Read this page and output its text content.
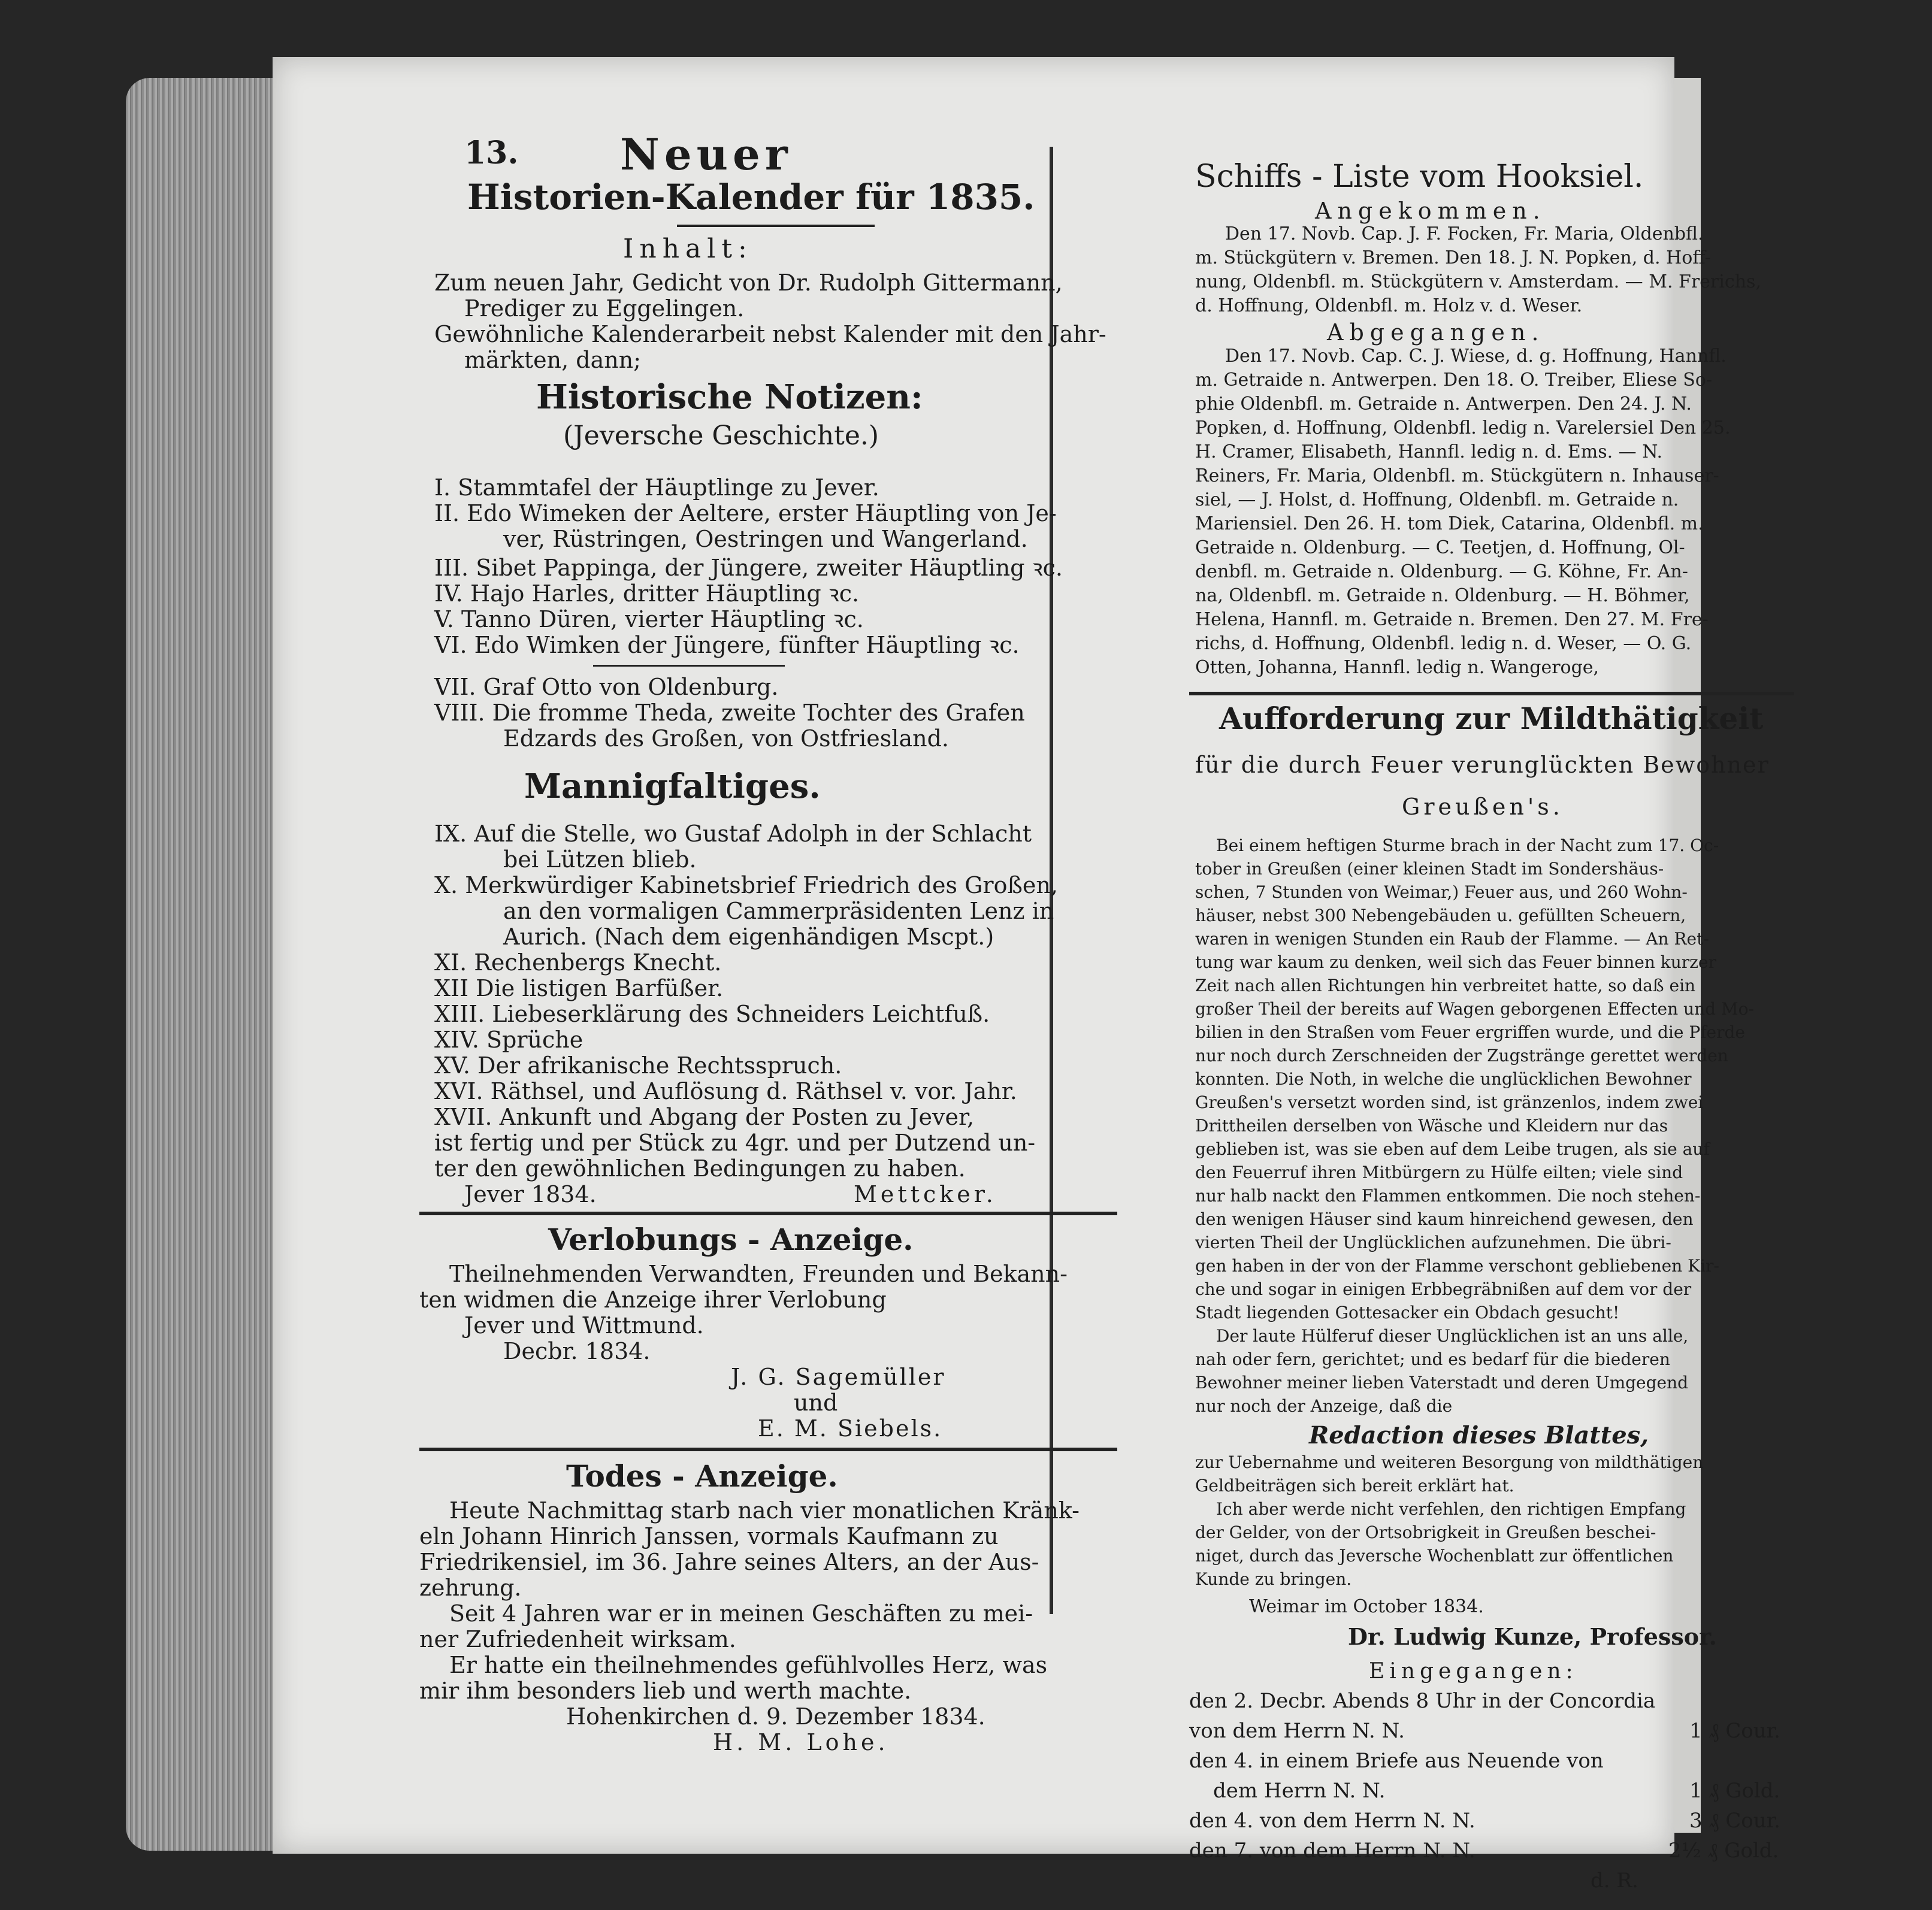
13. Neuer
Historien-Kalender für 1835.
Inhalt:
Zum neuen Jahr, Gedicht von Dr. Rudolph Gittermann,
Prediger zu Eggelingen.
Gewöhnliche Kalenderarbeit nebst Kalender mit den Jahr-
märkten, dann;
Historische Notizen:
(Jeversche Geschichte.)
I. Stammtafel der Häuptlinge zu Jever.
II. Edo Wimeken der Aeltere, erster Häuptling von Je-
ver, Rüstringen, Oestringen und Wangerland.
III. Sibet Pappinga, der Jüngere, zweiter Häuptling ꝛc.
IV. Hajo Harles, dritter Häuptling ꝛc.
V. Tanno Düren, vierter Häuptling ꝛc.
VI. Edo Wimken der Jüngere, fünfter Häuptling ꝛc.
VII. Graf Otto von Oldenburg.
VIII. Die fromme Theda, zweite Tochter des Grafen
Edzards des Großen, von Ostfriesland.
Mannigfaltiges.
IX. Auf die Stelle, wo Gustaf Adolph in der Schlacht
bei Lützen blieb.
X. Merkwürdiger Kabinetsbrief Friedrich des Großen,
an den vormaligen Cammerpräsidenten Lenz in
Aurich. (Nach dem eigenhändigen Mscpt.)
XI. Rechenbergs Knecht.
XII Die listigen Barfüßer.
XIII. Liebeserklärung des Schneiders Leichtfuß.
XIV. Sprüche
XV. Der afrikanische Rechtsspruch.
XVI. Räthsel, und Auflösung d. Räthsel v. vor. Jahr.
XVII. Ankunft und Abgang der Posten zu Jever,
ist fertig und per Stück zu 4gr. und per Dutzend un-
ter den gewöhnlichen Bedingungen zu haben.
Jever 1834.	Mettcker.
Verlobungs - Anzeige.
Theilnehmenden Verwandten, Freunden und Bekann-
ten widmen die Anzeige ihrer Verlobung
Jever und Wittmund.
Decbr. 1834.
J. G. Sagemüller
und
E. M. Siebels.
Todes - Anzeige.
Heute Nachmittag starb nach vier monatlichen Kränk-
eln Johann Hinrich Janssen, vormals Kaufmann zu
Friedrikensiel, im 36. Jahre seines Alters, an der Aus-
zehrung.
Seit 4 Jahren war er in meinen Geschäften zu mei-
ner Zufriedenheit wirksam.
Er hatte ein theilnehmendes gefühlvolles Herz, was
mir ihm besonders lieb und werth machte.
Hohenkirchen d. 9. Dezember 1834.
H. M. Lohe.
Schiffs - Liste vom Hooksiel.
Angekommen.
Den 17. Novb. Cap. J. F. Focken, Fr. Maria, Oldenbfl.
m. Stückgütern v. Bremen. Den 18. J. N. Popken, d. Hoff-
nung, Oldenbfl. m. Stückgütern v. Amsterdam. — M. Frerichs,
d. Hoffnung, Oldenbfl. m. Holz v. d. Weser.
Abgegangen.
Den 17. Novb. Cap. C. J. Wiese, d. g. Hoffnung, Hannfl.
m. Getraide n. Antwerpen. Den 18. O. Treiber, Eliese So-
phie Oldenbfl. m. Getraide n. Antwerpen. Den 24. J. N.
Popken, d. Hoffnung, Oldenbfl. ledig n. Varelersiel Den 25.
H. Cramer, Elisabeth, Hannfl. ledig n. d. Ems. — N.
Reiners, Fr. Maria, Oldenbfl. m. Stückgütern n. Inhauser-
siel, — J. Holst, d. Hoffnung, Oldenbfl. m. Getraide n.
Mariensiel. Den 26. H. tom Diek, Catarina, Oldenbfl. m.
Getraide n. Oldenburg. — C. Teetjen, d. Hoffnung, Ol-
denbfl. m. Getraide n. Oldenburg. — G. Köhne, Fr. An-
na, Oldenbfl. m. Getraide n. Oldenburg. — H. Böhmer,
Helena, Hannfl. m. Getraide n. Bremen. Den 27. M. Fre-
richs, d. Hoffnung, Oldenbfl. ledig n. d. Weser, — O. G.
Otten, Johanna, Hannfl. ledig n. Wangeroge,
Aufforderung zur Mildthätigkeit
für die durch Feuer verunglückten Bewohner
Greußen's.
Bei einem heftigen Sturme brach in der Nacht zum 17. Oc-
tober in Greußen (einer kleinen Stadt im Sondershäus-
schen, 7 Stunden von Weimar,) Feuer aus, und 260 Wohn-
häuser, nebst 300 Nebengebäuden u. gefüllten Scheuern,
waren in wenigen Stunden ein Raub der Flamme. — An Ret-
tung war kaum zu denken, weil sich das Feuer binnen kurzer
Zeit nach allen Richtungen hin verbreitet hatte, so daß ein
großer Theil der bereits auf Wagen geborgenen Effecten und Mo-
bilien in den Straßen vom Feuer ergriffen wurde, und die Pferde
nur noch durch Zerschneiden der Zugstränge gerettet werden
konnten. Die Noth, in welche die unglücklichen Bewohner
Greußen's versetzt worden sind, ist gränzenlos, indem zwei
Drittheilen derselben von Wäsche und Kleidern nur das
geblieben ist, was sie eben auf dem Leibe trugen, als sie auf
den Feuerruf ihren Mitbürgern zu Hülfe eilten; viele sind
nur halb nackt den Flammen entkommen. Die noch stehen-
den wenigen Häuser sind kaum hinreichend gewesen, den
vierten Theil der Unglücklichen aufzunehmen. Die übri-
gen haben in der von der Flamme verschont gebliebenen Kir-
che und sogar in einigen Erbbegräbnißen auf dem vor der
Stadt liegenden Gottesacker ein Obdach gesucht!
Der laute Hülferuf dieser Unglücklichen ist an uns alle,
nah oder fern, gerichtet; und es bedarf für die biederen
Bewohner meiner lieben Vaterstadt und deren Umgegend
nur noch der Anzeige, daß die
Redaction dieses Blattes,
zur Uebernahme und weiteren Besorgung von mildthätigen
Geldbeiträgen sich bereit erklärt hat.
Ich aber werde nicht verfehlen, den richtigen Empfang
der Gelder, von der Ortsobrigkeit in Greußen beschei-
niget, durch das Jeversche Wochenblatt zur öffentlichen
Kunde zu bringen.
Weimar im October 1834.
Dr. Ludwig Kunze, Professor.
Eingegangen:
den 2. Decbr. Abends 8 Uhr in der Concordia
von dem Herrn N. N.	1 ₰ Cour.
den 4. in einem Briefe aus Neuende von
dem Herrn N. N.	1 ₰ Gold.
den 4. von dem Herrn N. N.	3 ₰ Cour.
den 7. von dem Herrn N. N.	2½ ₰ Gold.
d. R.
